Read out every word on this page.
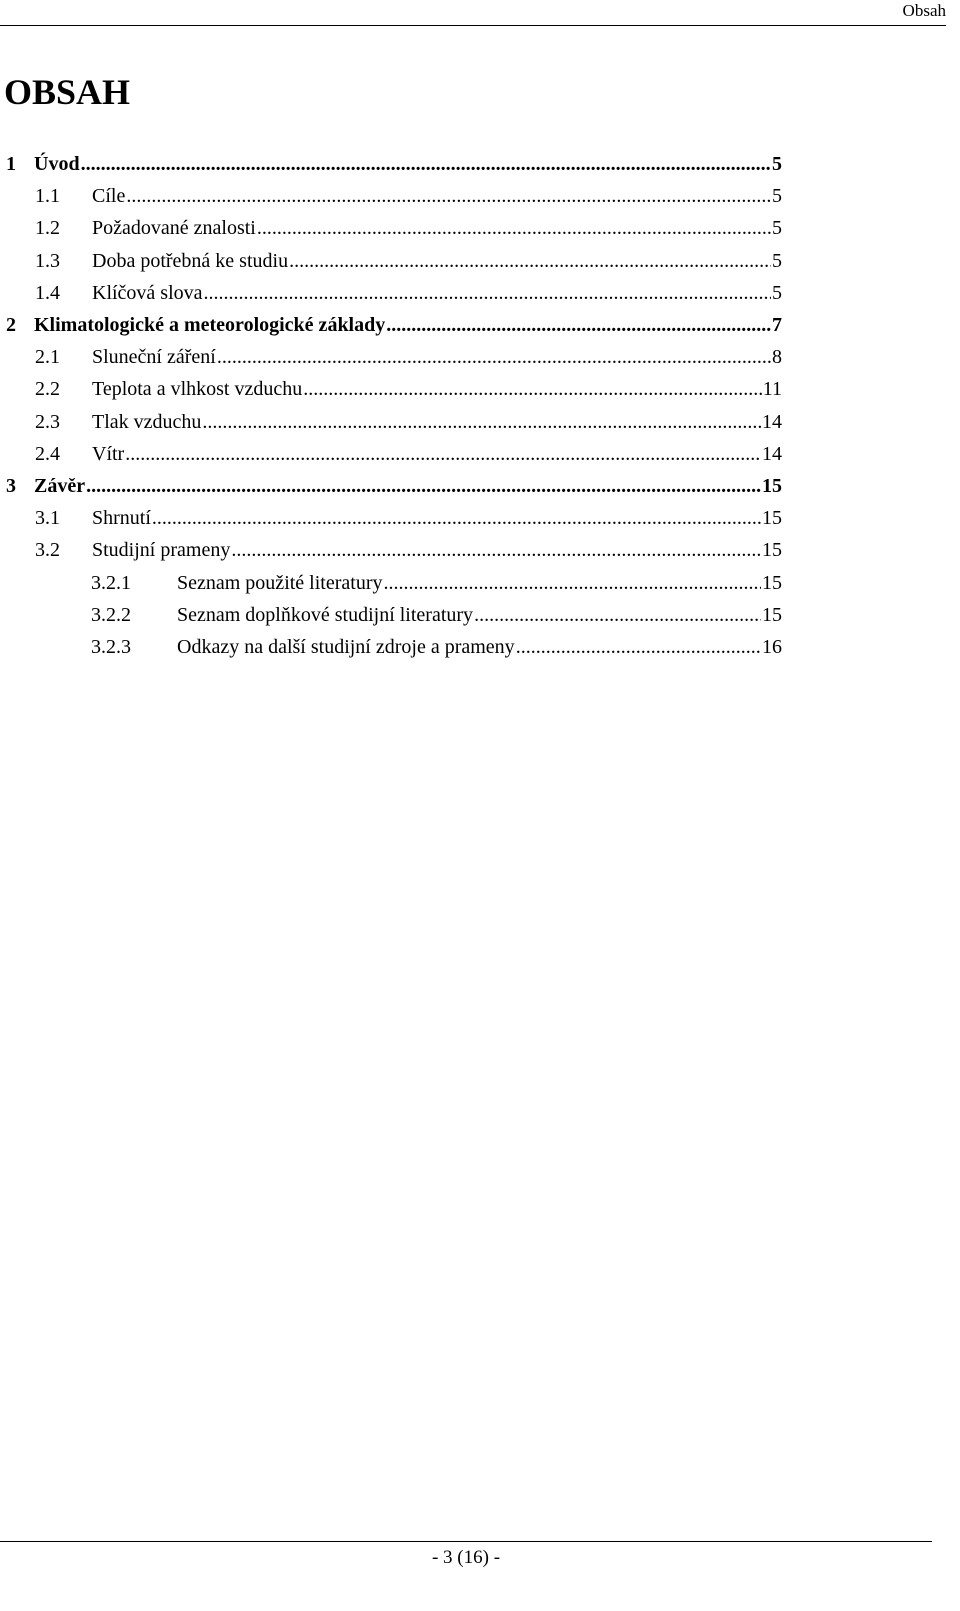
Obsah
OBSAH
1 Úvod .....	5
1.1 Cíle .....	5
1.2 Požadované znalosti .....	5
1.3 Doba potřebná ke studiu .....	5
1.4 Klíčová slova .....	5
2 Klimatologické a meteorologické základy .....	7
2.1 Sluneční záření .....	8
2.2 Teplota a vlhkost vzduchu .....	11
2.3 Tlak vzduchu .....	14
2.4 Vítr .....	14
3 Závěr .....	15
3.1 Shrnutí .....	15
3.2 Studijní prameny .....	15
3.2.1 Seznam použité literatury .....	15
3.2.2 Seznam doplňkové studijní literatury .....	15
3.2.3 Odkazy na další studijní zdroje a prameny .....	16
- 3 (16) -
